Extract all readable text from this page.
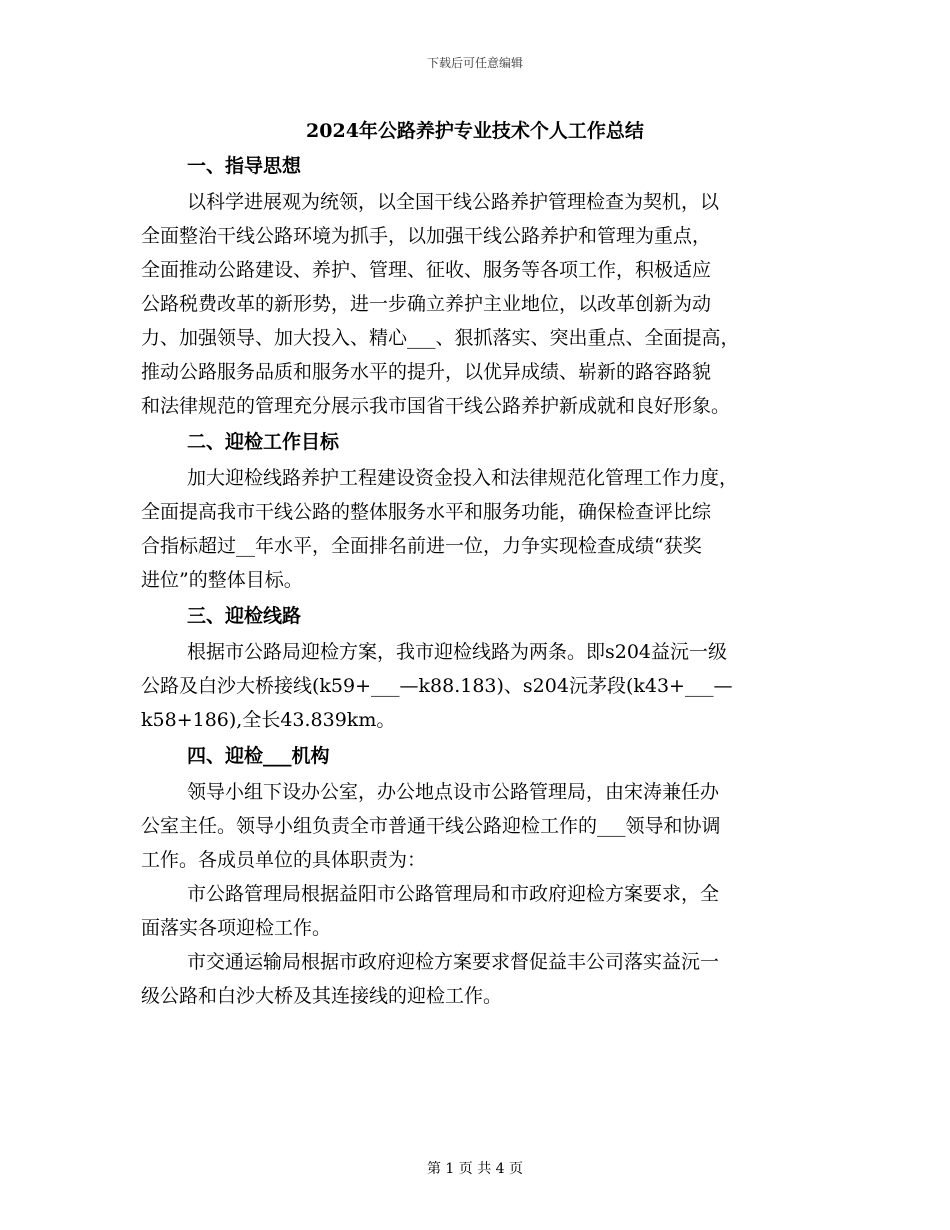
下载后可任意编辑
2024年公路养护专业技术个人工作总结
一、指导思想

以科学进展观为统领，以全国干线公路养护管理检查为契机，以
全面整治干线公路环境为抓手，以加强干线公路养护和管理为重点，
全面推动公路建设、养护、管理、征收、服务等各项工作，积极适应
公路税费改革的新形势，进一步确立养护主业地位，以改革创新为动
力、加强领导、加大投入、精心___、狠抓落实、突出重点、全面提高，
推动公路服务品质和服务水平的提升，以优异成绩、崭新的路容路貌
和法律规范的管理充分展示我市国省干线公路养护新成就和良好形象。

二、迎检工作目标

加大迎检线路养护工程建设资金投入和法律规范化管理工作力度，
全面提高我市干线公路的整体服务水平和服务功能，确保检查评比综
合指标超过__年水平，全面排名前进一位，力争实现检查成绩“获奖
进位”的整体目标。

三、迎检线路

根据市公路局迎检方案，我市迎检线路为两条。即s204益沅一级
公路及白沙大桥接线(k59+___—k88.183)、s204沅茅段(k43+___—
k58+186),全长43.839km。

四、迎检___机构

领导小组下设办公室，办公地点设市公路管理局，由宋涛兼任办
公室主任。领导小组负责全市普通干线公路迎检工作的___领导和协调
工作。各成员单位的具体职责为：

市公路管理局根据益阳市公路管理局和市政府迎检方案要求，全
面落实各项迎检工作。

市交通运输局根据市政府迎检方案要求督促益丰公司落实益沅一
级公路和白沙大桥及其连接线的迎检工作。

第 1 页 共 4 页
